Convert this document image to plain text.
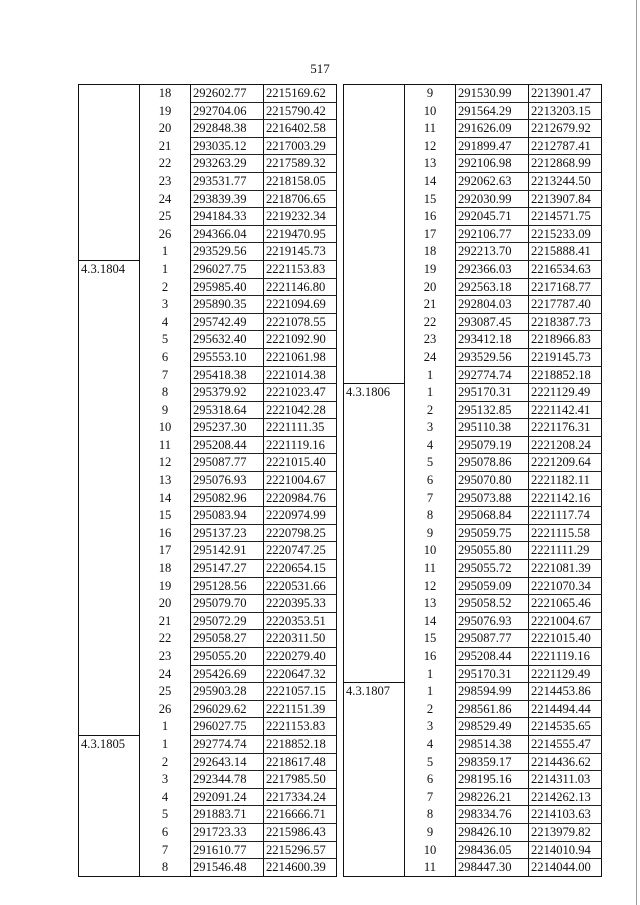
517
	18	292602.77	2215169.62
	19	292704.06	2215790.42
	20	292848.38	2216402.58
	21	293035.12	2217003.29
	22	293263.29	2217589.32
	23	293531.77	2218158.05
	24	293839.39	2218706.65
	25	294184.33	2219232.34
	26	294366.04	2219470.95
	1	293529.56	2219145.73
4.3.1804	1	296027.75	2221153.83
	2	295985.40	2221146.80
	3	295890.35	2221094.69
	4	295742.49	2221078.55
	5	295632.40	2221092.90
	6	295553.10	2221061.98
	7	295418.38	2221014.38
	8	295379.92	2221023.47
	9	295318.64	2221042.28
	10	295237.30	2221111.35
	11	295208.44	2221119.16
	12	295087.77	2221015.40
	13	295076.93	2221004.67
	14	295082.96	2220984.76
	15	295083.94	2220974.99
	16	295137.23	2220798.25
	17	295142.91	2220747.25
	18	295147.27	2220654.15
	19	295128.56	2220531.66
	20	295079.70	2220395.33
	21	295072.29	2220353.51
	22	295058.27	2220311.50
	23	295055.20	2220279.40
	24	295426.69	2220647.32
	25	295903.28	2221057.15
	26	296029.62	2221151.39
	1	296027.75	2221153.83
4.3.1805	1	292774.74	2218852.18
	2	292643.14	2218617.48
	3	292344.78	2217985.50
	4	292091.24	2217334.24
	5	291883.71	2216666.71
	6	291723.33	2215986.43
	7	291610.77	2215296.57
	8	291546.48	2214600.39
	9	291530.99	2213901.47
	10	291564.29	2213203.15
	11	291626.09	2212679.92
	12	291899.47	2212787.41
	13	292106.98	2212868.99
	14	292062.63	2213244.50
	15	292030.99	2213907.84
	16	292045.71	2214571.75
	17	292106.77	2215233.09
	18	292213.70	2215888.41
	19	292366.03	2216534.63
	20	292563.18	2217168.77
	21	292804.03	2217787.40
	22	293087.45	2218387.73
	23	293412.18	2218966.83
	24	293529.56	2219145.73
	1	292774.74	2218852.18
4.3.1806	1	295170.31	2221129.49
	2	295132.85	2221142.41
	3	295110.38	2221176.31
	4	295079.19	2221208.24
	5	295078.86	2221209.64
	6	295070.80	2221182.11
	7	295073.88	2221142.16
	8	295068.84	2221117.74
	9	295059.75	2221115.58
	10	295055.80	2221111.29
	11	295055.72	2221081.39
	12	295059.09	2221070.34
	13	295058.52	2221065.46
	14	295076.93	2221004.67
	15	295087.77	2221015.40
	16	295208.44	2221119.16
	1	295170.31	2221129.49
4.3.1807	1	298594.99	2214453.86
	2	298561.86	2214494.44
	3	298529.49	2214535.65
	4	298514.38	2214555.47
	5	298359.17	2214436.62
	6	298195.16	2214311.03
	7	298226.21	2214262.13
	8	298334.76	2214103.63
	9	298426.10	2213979.82
	10	298436.05	2214010.94
	11	298447.30	2214044.00
